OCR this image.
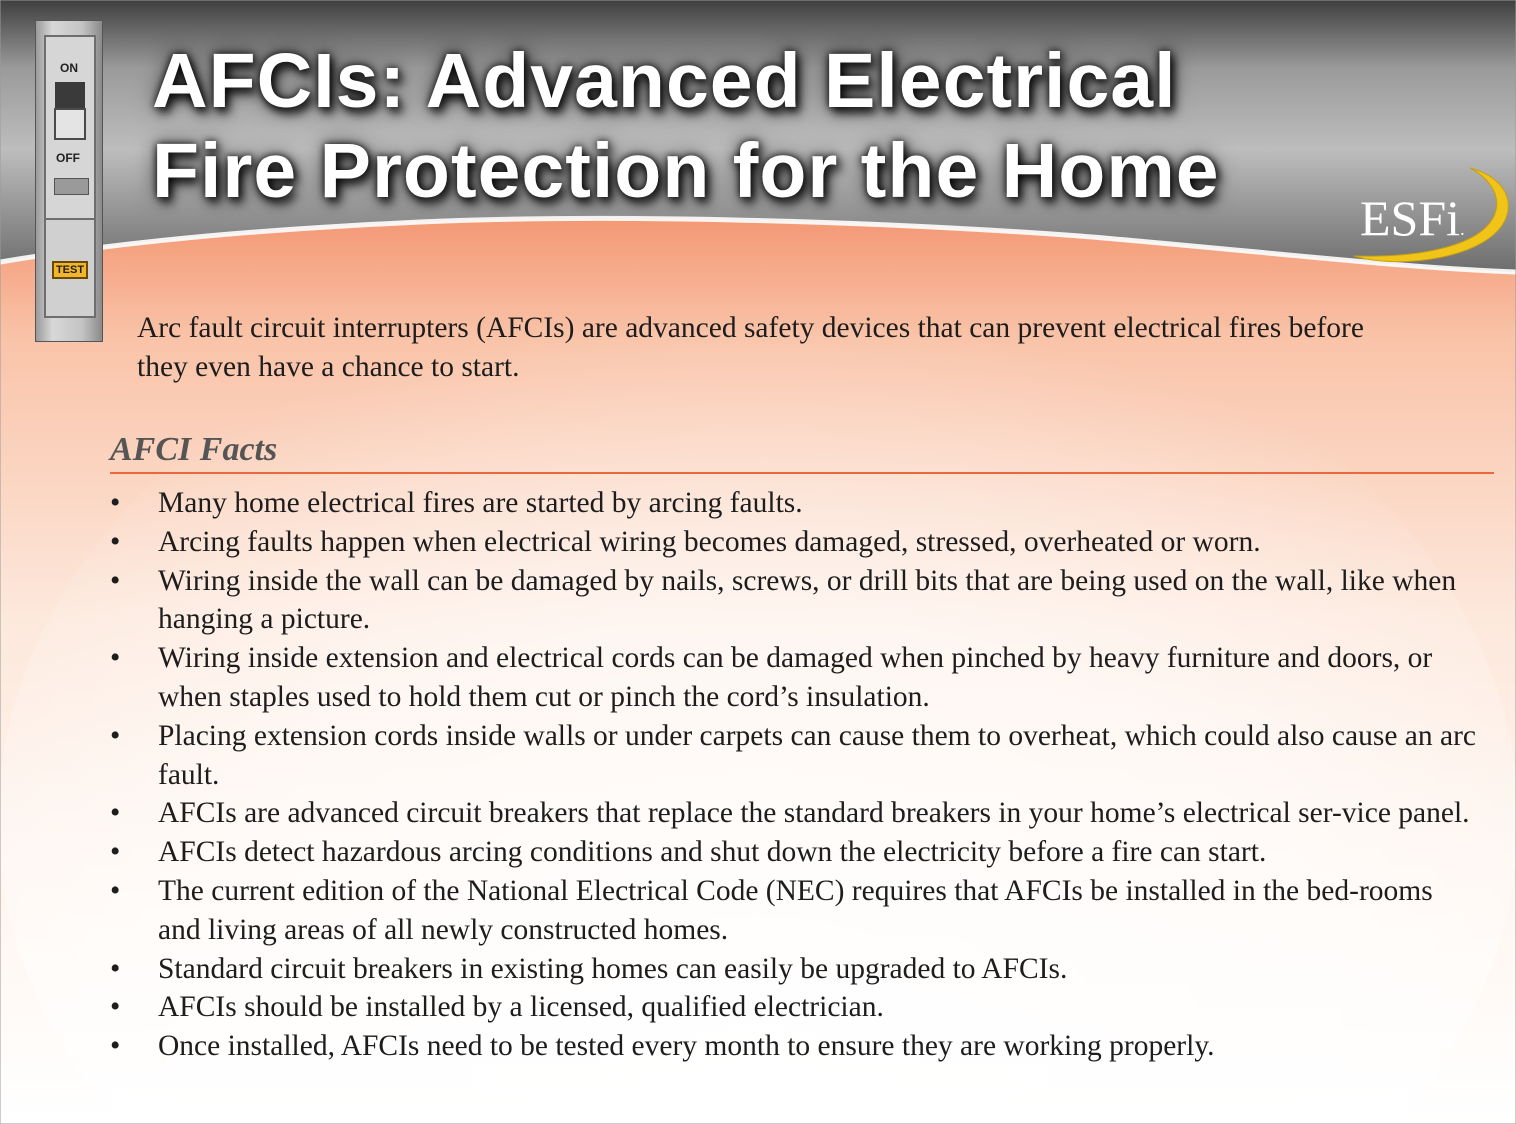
ON
OFF
TEST
AFCIs: Advanced Electrical
Fire Protection for the Home
ESFi.

Arc fault circuit interrupters (AFCIs) are advanced safety devices that can prevent electrical fires before they even have a chance to start.

AFCI Facts
• Many home electrical fires are started by arcing faults.
• Arcing faults happen when electrical wiring becomes damaged, stressed, overheated or worn.
• Wiring inside the wall can be damaged by nails, screws, or drill bits that are being used on the wall, like when hanging a picture.
• Wiring inside extension and electrical cords can be damaged when pinched by heavy furniture and doors, or when staples used to hold them cut or pinch the cord’s insulation.
• Placing extension cords inside walls or under carpets can cause them to overheat, which could also cause an arc fault.
• AFCIs are advanced circuit breakers that replace the standard breakers in your home’s electrical ser-vice panel.
• AFCIs detect hazardous arcing conditions and shut down the electricity before a fire can start.
• The current edition of the National Electrical Code (NEC) requires that AFCIs be installed in the bed-rooms and living areas of all newly constructed homes.
• Standard circuit breakers in existing homes can easily be upgraded to AFCIs.
• AFCIs should be installed by a licensed, qualified electrician.
• Once installed, AFCIs need to be tested every month to ensure they are working properly.
